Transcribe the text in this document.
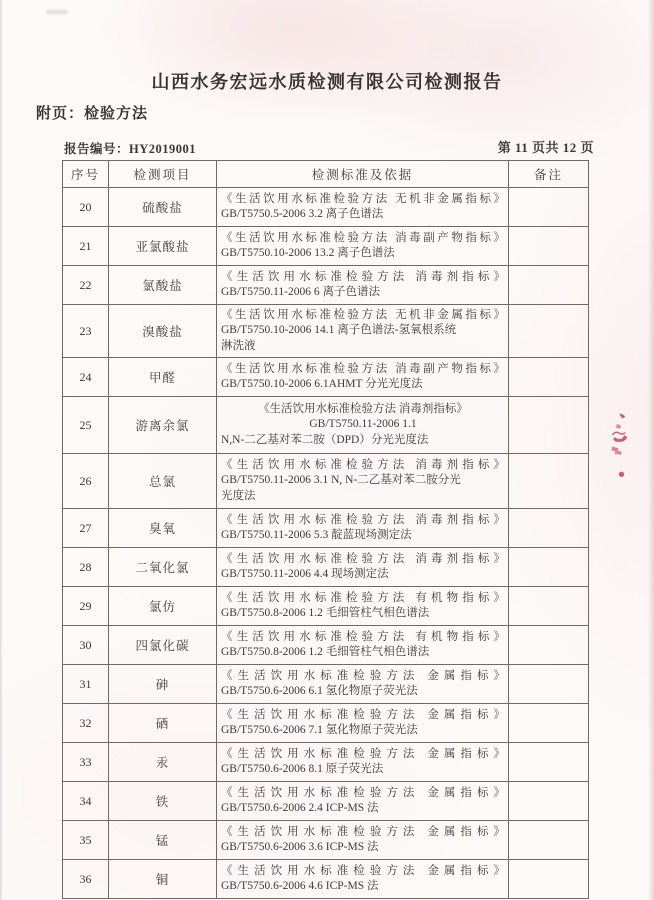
山西水务宏远水质检测有限公司检测报告
附页：检验方法
报告编号：HY2019001	第 11 页共 12 页
序号	检测项目	检测标准及依据	备注
20	硫酸盐	《生活饮用水标准检验方法 无机非金属指标》
GB/T5750.5-2006 3.2 离子色谱法	

21	亚氯酸盐	《生活饮用水标准检验方法 消毒副产物指标》
GB/T5750.10-2006 13.2 离子色谱法	

22	氯酸盐	《生活饮用水标准检验方法 消毒剂指标》
GB/T5750.11-2006 6 离子色谱法	

23	溴酸盐	《生活饮用水标准检验方法 无机非金属指标》
GB/T5750.10-2006 14.1 离子色谱法-氢氧根系统
淋洗液	

24	甲醛	《生活饮用水标准检验方法 消毒副产物指标》
GB/T5750.10-2006 6.1AHMT 分光光度法	

25	游离余氯	《生活饮用水标准检验方法 消毒剂指标》
GB/T5750.11-2006 1.1
N,N-二乙基对苯二胺（DPD）分光光度法	

26	总氯	《生活饮用水标准检验方法 消毒剂指标》
GB/T5750.11-2006 3.1 N, N-二乙基对苯二胺分光
光度法	

27	臭氧	《生活饮用水标准检验方法 消毒剂指标》
GB/T5750.11-2006 5.3 靛蓝现场测定法	

28	二氧化氯	《生活饮用水标准检验方法 消毒剂指标》
GB/T5750.11-2006 4.4 现场测定法	

29	氯仿	《生活饮用水标准检验方法 有机物指标》
GB/T5750.8-2006 1.2 毛细管柱气相色谱法	

30	四氯化碳	《生活饮用水标准检验方法 有机物指标》
GB/T5750.8-2006 1.2 毛细管柱气相色谱法	

31	砷	《生活饮用水标准检验方法 金属指标》
GB/T5750.6-2006 6.1 氢化物原子荧光法	

32	硒	《生活饮用水标准检验方法 金属指标》
GB/T5750.6-2006 7.1 氢化物原子荧光法	

33	汞	《生活饮用水标准检验方法 金属指标》
GB/T5750.6-2006 8.1 原子荧光法	

34	铁	《生活饮用水标准检验方法 金属指标》
GB/T5750.6-2006 2.4 ICP-MS 法	

35	锰	《生活饮用水标准检验方法 金属指标》
GB/T5750.6-2006 3.6 ICP-MS 法	

36	铜	《生活饮用水标准检验方法 金属指标》
GB/T5750.6-2006 4.6 ICP-MS 法	
